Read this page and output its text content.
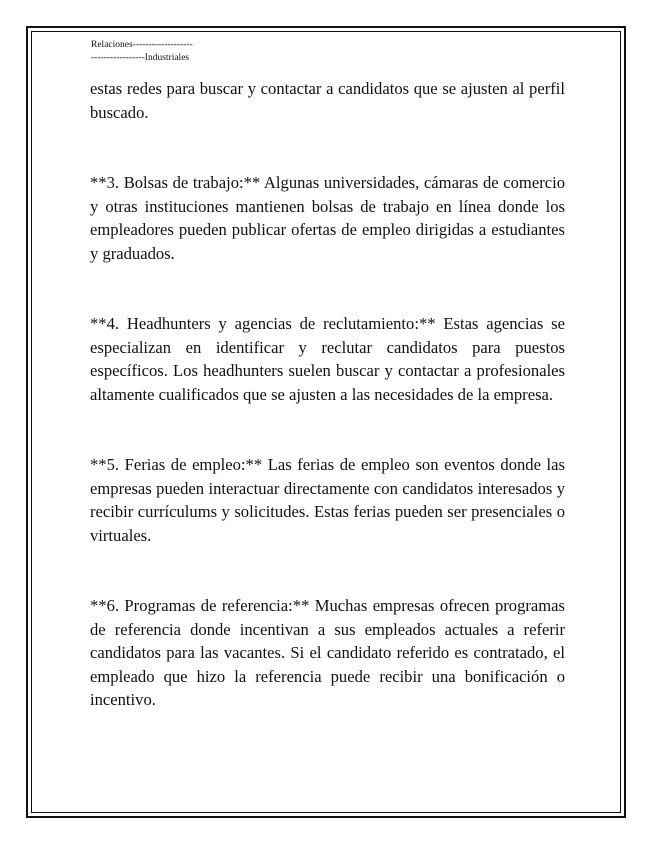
Relaciones-------------------
-----------------Industriales

estas redes para buscar y contactar a candidatos que se ajusten al perfil buscado.

**3. Bolsas de trabajo:** Algunas universidades, cámaras de comercio y otras instituciones mantienen bolsas de trabajo en línea donde los empleadores pueden publicar ofertas de empleo dirigidas a estudiantes y graduados.

**4. Headhunters y agencias de reclutamiento:** Estas agencias se especializan en identificar y reclutar candidatos para puestos específicos. Los headhunters suelen buscar y contactar a profesionales altamente cualificados que se ajusten a las necesidades de la empresa.

**5. Ferias de empleo:** Las ferias de empleo son eventos donde las empresas pueden interactuar directamente con candidatos interesados y recibir currículums y solicitudes. Estas ferias pueden ser presenciales o virtuales.

**6. Programas de referencia:** Muchas empresas ofrecen programas de referencia donde incentivan a sus empleados actuales a referir candidatos para las vacantes. Si el candidato referido es contratado, el empleado que hizo la referencia puede recibir una bonificación o incentivo.
